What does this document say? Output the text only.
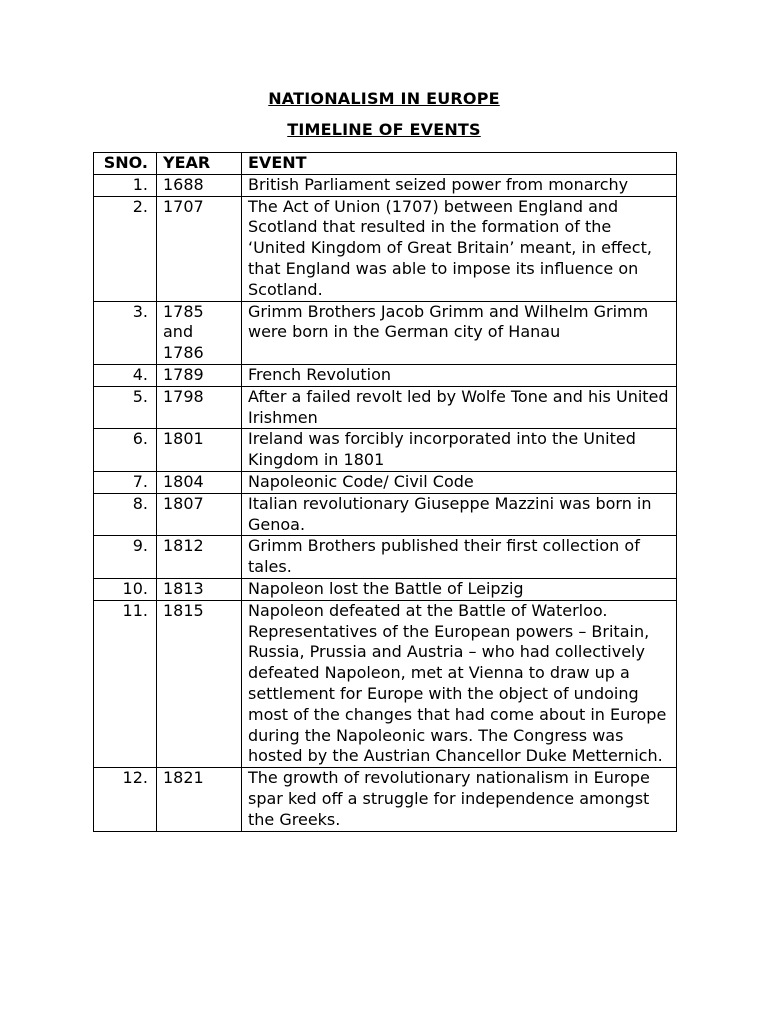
NATIONALISM IN EUROPE
TIMELINE OF EVENTS
SNO.	YEAR	EVENT
1.	1688	British Parliament seized power from monarchy
2.	1707	The Act of Union (1707) between England and Scotland that resulted in the formation of the ‘United Kingdom of Great Britain’ meant, in effect, that England was able to impose its influence on Scotland.
3.	1785 and 1786	Grimm Brothers Jacob Grimm and Wilhelm Grimm were born in the German city of Hanau
4.	1789	French Revolution
5.	1798	After a failed revolt led by Wolfe Tone and his United Irishmen
6.	1801	Ireland was forcibly incorporated into the United Kingdom in 1801
7.	1804	Napoleonic Code/ Civil Code
8.	1807	Italian revolutionary Giuseppe Mazzini was born in Genoa.
9.	1812	Grimm Brothers published their first collection of tales.
10.	1813	Napoleon lost the Battle of Leipzig
11.	1815	Napoleon defeated at the Battle of Waterloo. Representatives of the European powers – Britain, Russia, Prussia and Austria – who had collectively defeated Napoleon, met at Vienna to draw up a settlement for Europe with the object of undoing most of the changes that had come about in Europe during the Napoleonic wars. The Congress was hosted by the Austrian Chancellor Duke Metternich.
12.	1821	The growth of revolutionary nationalism in Europe spar ked off a struggle for independence amongst the Greeks.
